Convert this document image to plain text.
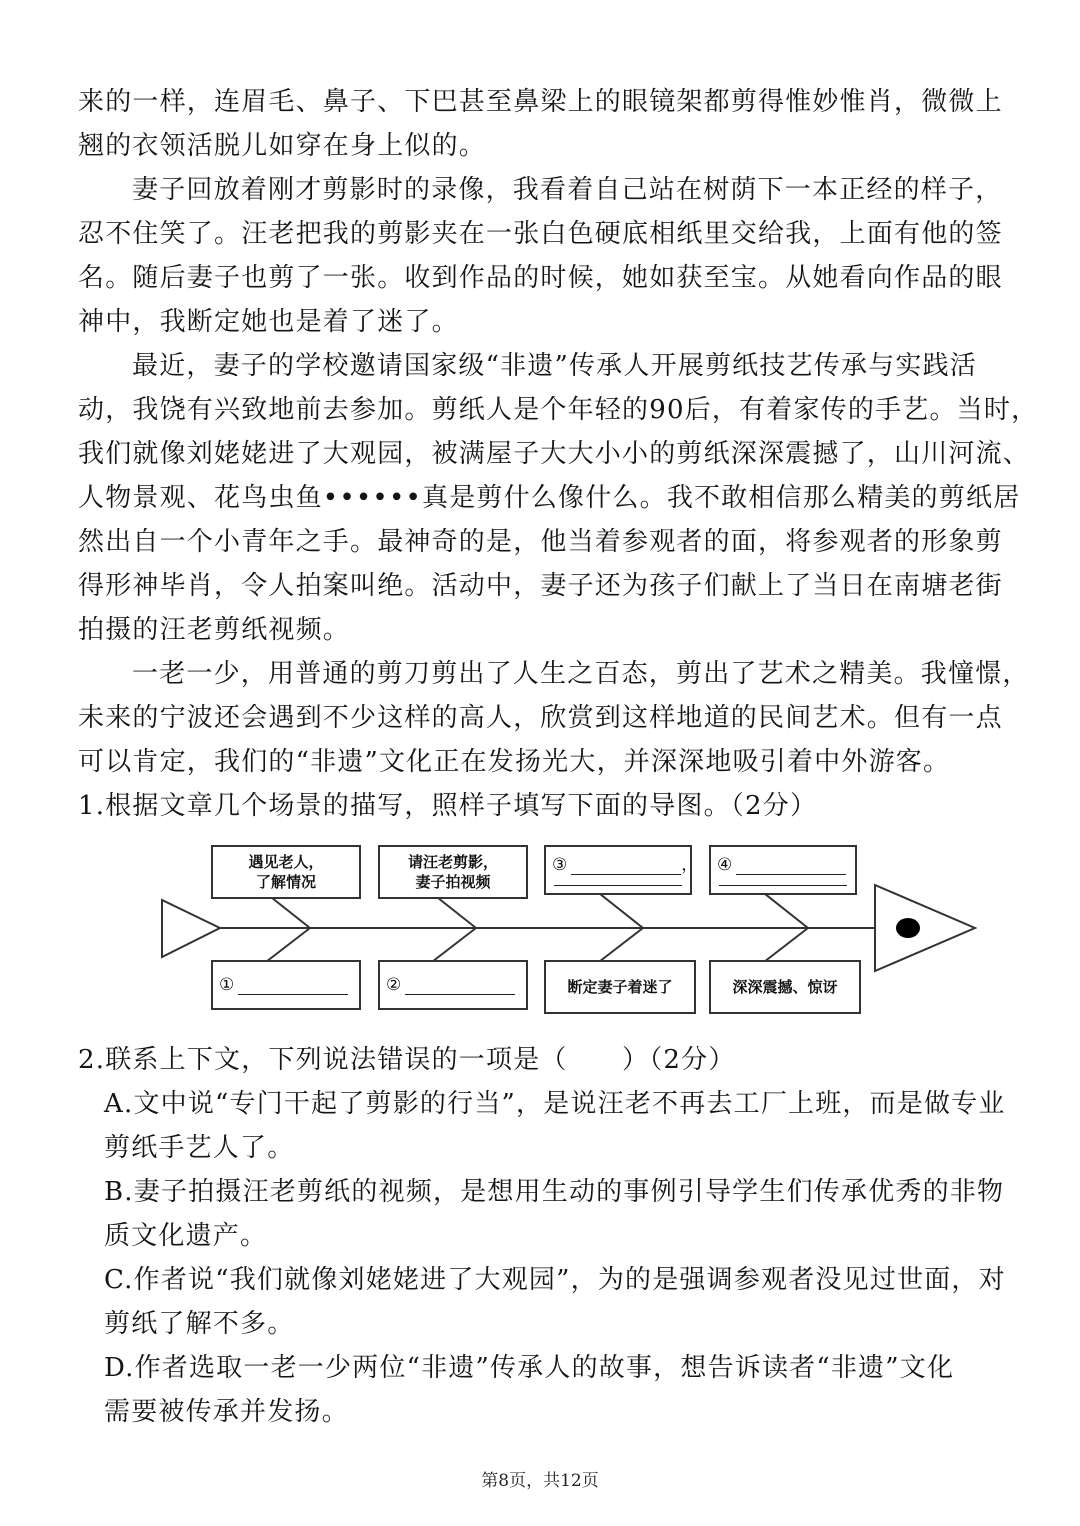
来的一样，连眉毛、鼻子、下巴甚至鼻梁上的眼镜架都剪得惟妙惟肖，微微上
翘的衣领活脱儿如穿在身上似的。
妻子回放着刚才剪影时的录像，我看着自己站在树荫下一本正经的样子，
忍不住笑了。汪老把我的剪影夹在一张白色硬底相纸里交给我，上面有他的签
名。随后妻子也剪了一张。收到作品的时候，她如获至宝。从她看向作品的眼
神中，我断定她也是着了迷了。
最近，妻子的学校邀请国家级“非遗”传承人开展剪纸技艺传承与实践活
动，我饶有兴致地前去参加。剪纸人是个年轻的90后，有着家传的手艺。当时，
我们就像刘姥姥进了大观园，被满屋子大大小小的剪纸深深震撼了，山川河流、
人物景观、花鸟虫鱼••••••真是剪什么像什么。我不敢相信那么精美的剪纸居
然出自一个小青年之手。最神奇的是，他当着参观者的面，将参观者的形象剪
得形神毕肖，令人拍案叫绝。活动中，妻子还为孩子们献上了当日在南塘老街
拍摄的汪老剪纸视频。
一老一少，用普通的剪刀剪出了人生之百态，剪出了艺术之精美。我憧憬，
未来的宁波还会遇到不少这样的高人，欣赏到这样地道的民间艺术。但有一点
可以肯定，我们的“非遗”文化正在发扬光大，并深深地吸引着中外游客。
1.根据文章几个场景的描写，照样子填写下面的导图。（2分）
遇见老人，
了解情况
请汪老剪影，
妻子拍视频
③	， ④
①	②	断定妻子着迷了	深深震撼、惊讶
2.联系上下文，下列说法错误的一项是（　　）（2分）
A.文中说“专门干起了剪影的行当”，是说汪老不再去工厂上班，而是做专业
剪纸手艺人了。
B.妻子拍摄汪老剪纸的视频，是想用生动的事例引导学生们传承优秀的非物
质文化遗产。
C.作者说“我们就像刘姥姥进了大观园”，为的是强调参观者没见过世面，对
剪纸了解不多。
D.作者选取一老一少两位“非遗”传承人的故事，想告诉读者“非遗”文化
需要被传承并发扬。
第8页，共12页
